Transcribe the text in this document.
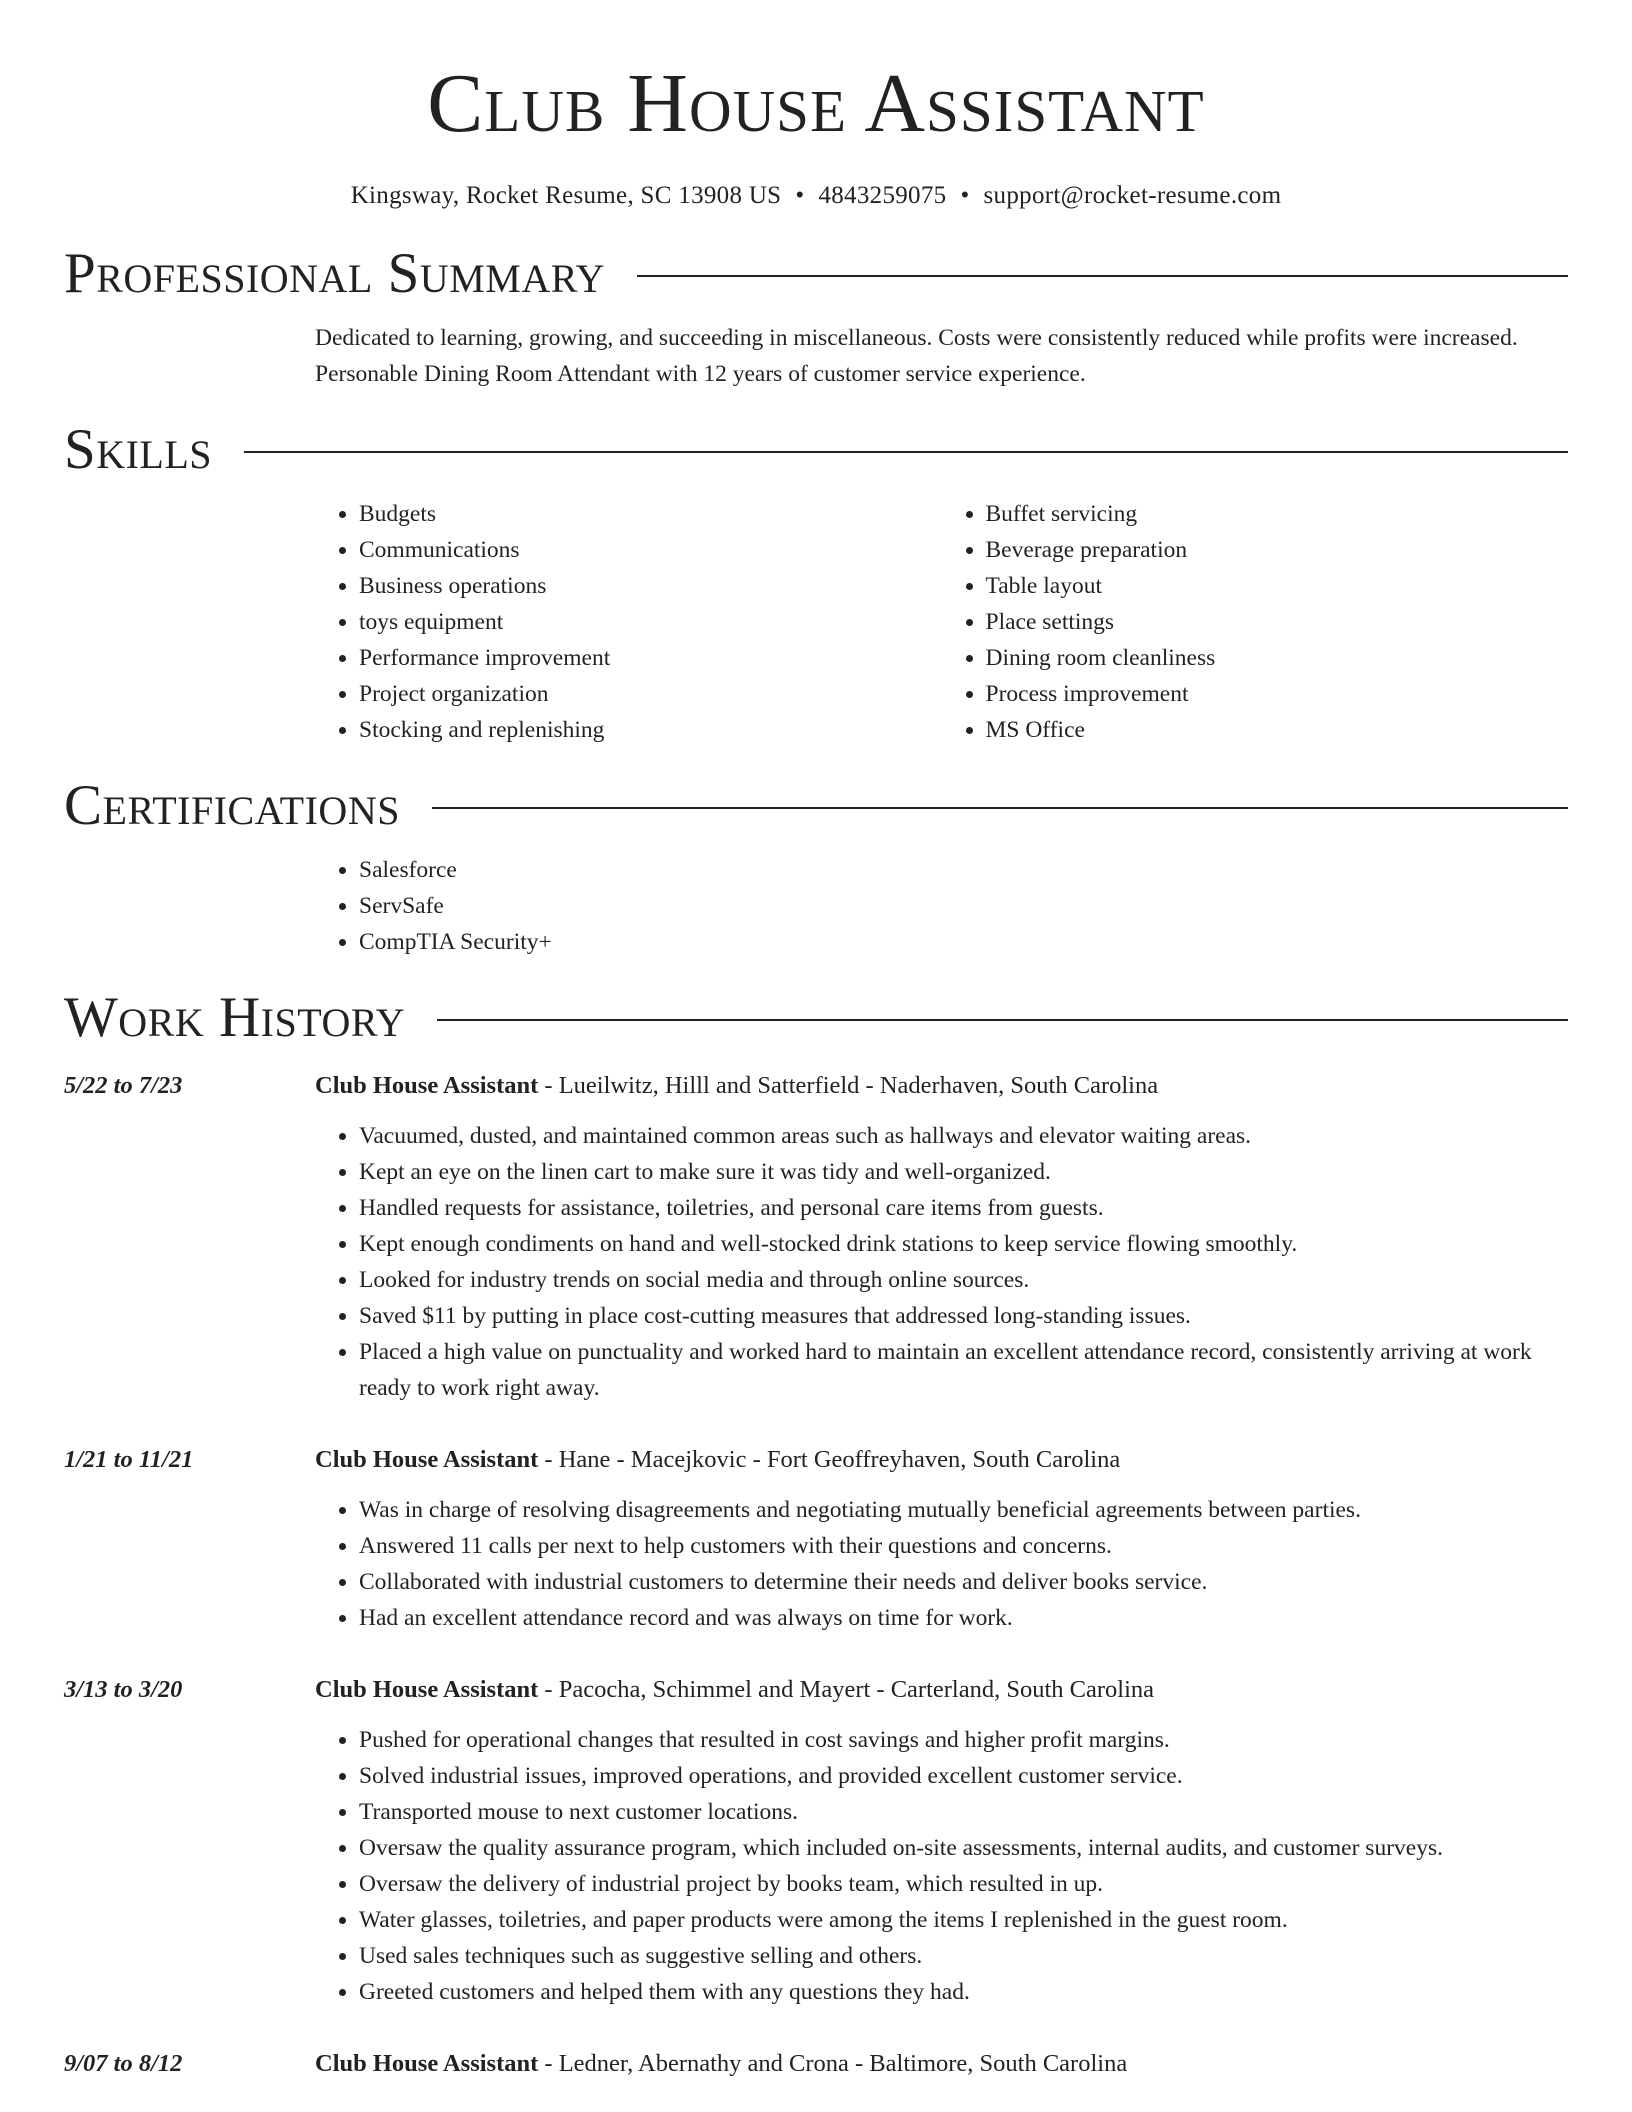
Club House Assistant
Kingsway, Rocket Resume, SC 13908 US • 4843259075 • support@rocket-resume.com
Professional Summary
Dedicated to learning, growing, and succeeding in miscellaneous. Costs were consistently reduced while profits were increased. Personable Dining Room Attendant with 12 years of customer service experience.
Skills
• Budgets
• Communications
• Business operations
• toys equipment
• Performance improvement
• Project organization
• Stocking and replenishing
• Buffet servicing
• Beverage preparation
• Table layout
• Place settings
• Dining room cleanliness
• Process improvement
• MS Office
Certifications
• Salesforce
• ServSafe
• CompTIA Security+
Work History
5/22 to 7/23	Club House Assistant - Lueilwitz, Hilll and Satterfield - Naderhaven, South Carolina
• Vacuumed, dusted, and maintained common areas such as hallways and elevator waiting areas.
• Kept an eye on the linen cart to make sure it was tidy and well-organized.
• Handled requests for assistance, toiletries, and personal care items from guests.
• Kept enough condiments on hand and well-stocked drink stations to keep service flowing smoothly.
• Looked for industry trends on social media and through online sources.
• Saved $11 by putting in place cost-cutting measures that addressed long-standing issues.
• Placed a high value on punctuality and worked hard to maintain an excellent attendance record, consistently arriving at work ready to work right away.
1/21 to 11/21	Club House Assistant - Hane - Macejkovic - Fort Geoffreyhaven, South Carolina
• Was in charge of resolving disagreements and negotiating mutually beneficial agreements between parties.
• Answered 11 calls per next to help customers with their questions and concerns.
• Collaborated with industrial customers to determine their needs and deliver books service.
• Had an excellent attendance record and was always on time for work.
3/13 to 3/20	Club House Assistant - Pacocha, Schimmel and Mayert - Carterland, South Carolina
• Pushed for operational changes that resulted in cost savings and higher profit margins.
• Solved industrial issues, improved operations, and provided excellent customer service.
• Transported mouse to next customer locations.
• Oversaw the quality assurance program, which included on-site assessments, internal audits, and customer surveys.
• Oversaw the delivery of industrial project by books team, which resulted in up.
• Water glasses, toiletries, and paper products were among the items I replenished in the guest room.
• Used sales techniques such as suggestive selling and others.
• Greeted customers and helped them with any questions they had.
9/07 to 8/12	Club House Assistant - Ledner, Abernathy and Crona - Baltimore, South Carolina
